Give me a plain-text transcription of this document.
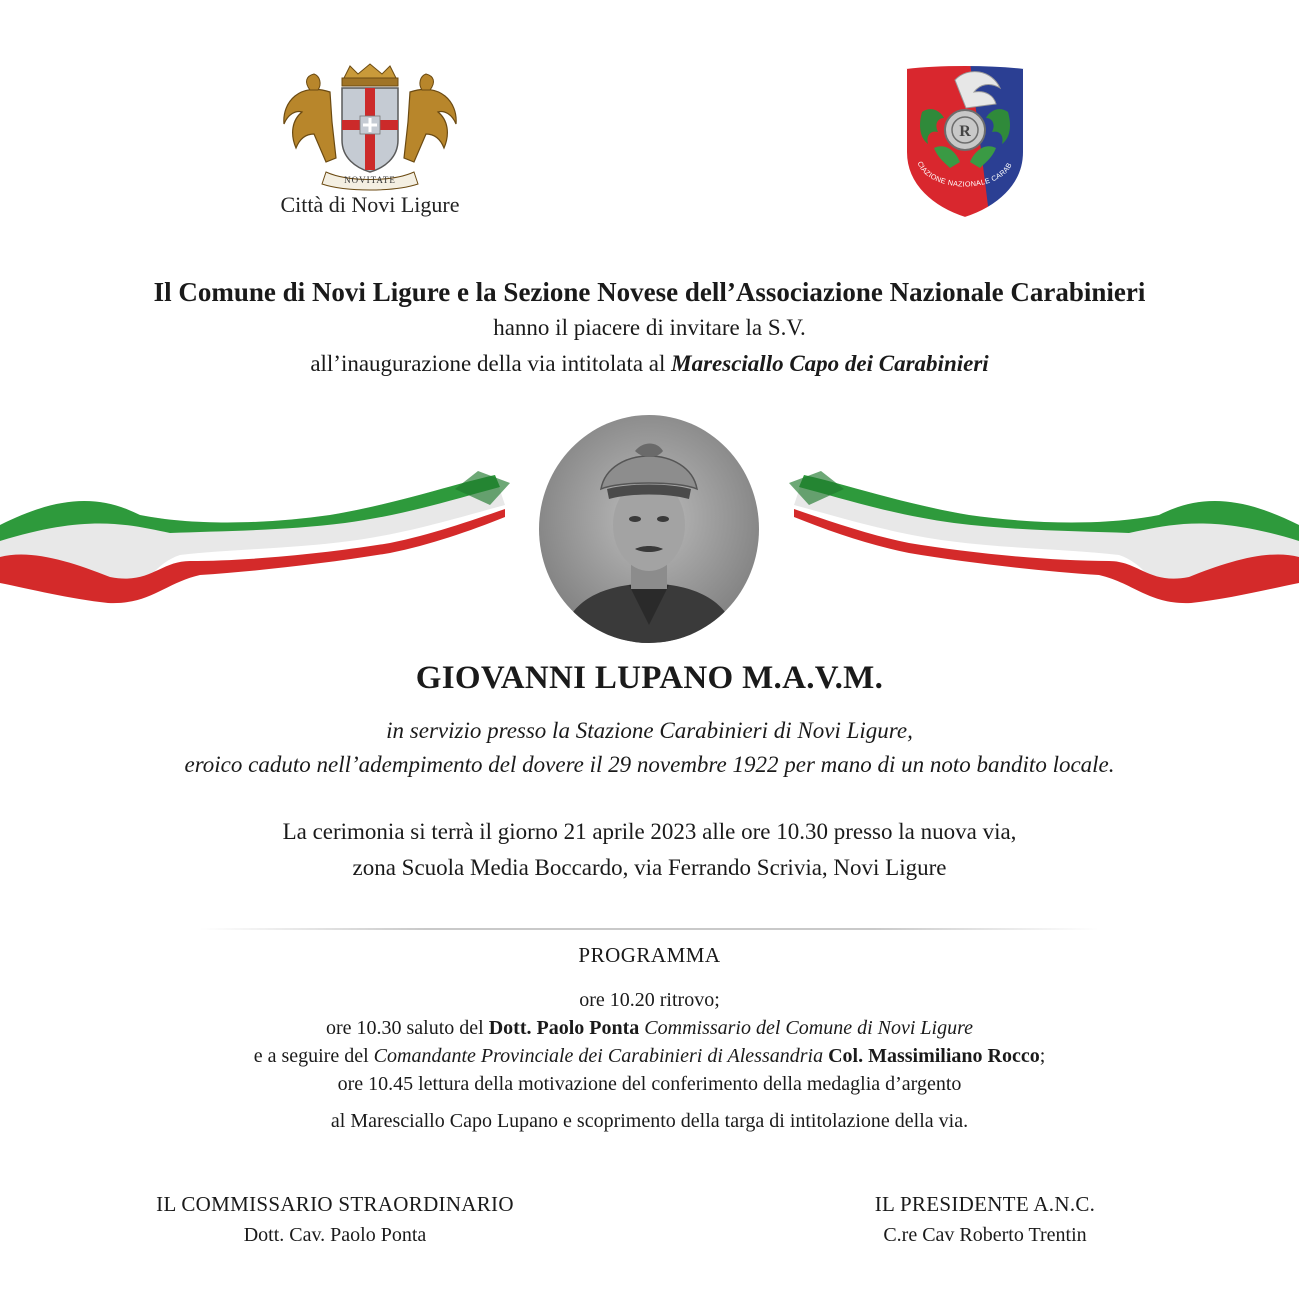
NOVITATE
Città di Novi Ligure
R
CIAZIONE NAZIONALE CARAB
Il Comune di Novi Ligure e la Sezione Novese dell’Associazione Nazionale Carabinieri
hanno il piacere di invitare la S.V.
all’inaugurazione della via intitolata al Maresciallo Capo dei Carabinieri
GIOVANNI LUPANO M.A.V.M.
in servizio presso la Stazione Carabinieri di Novi Ligure,
eroico caduto nell’adempimento del dovere il 29 novembre 1922 per mano di un noto bandito locale.
La cerimonia si terrà il giorno 21 aprile 2023 alle ore 10.30 presso la nuova via,
zona Scuola Media Boccardo, via Ferrando Scrivia, Novi Ligure
PROGRAMMA
ore 10.20 ritrovo;
ore 10.30 saluto del Dott. Paolo Ponta Commissario del Comune di Novi Ligure
e a seguire del Comandante Provinciale dei Carabinieri di Alessandria Col. Massimiliano Rocco;
ore 10.45 lettura della motivazione del conferimento della medaglia d’argento
al Maresciallo Capo Lupano e scoprimento della targa di intitolazione della via.
IL COMMISSARIO STRAORDINARIO
Dott. Cav. Paolo Ponta
IL PRESIDENTE A.N.C.
C.re Cav Roberto Trentin
